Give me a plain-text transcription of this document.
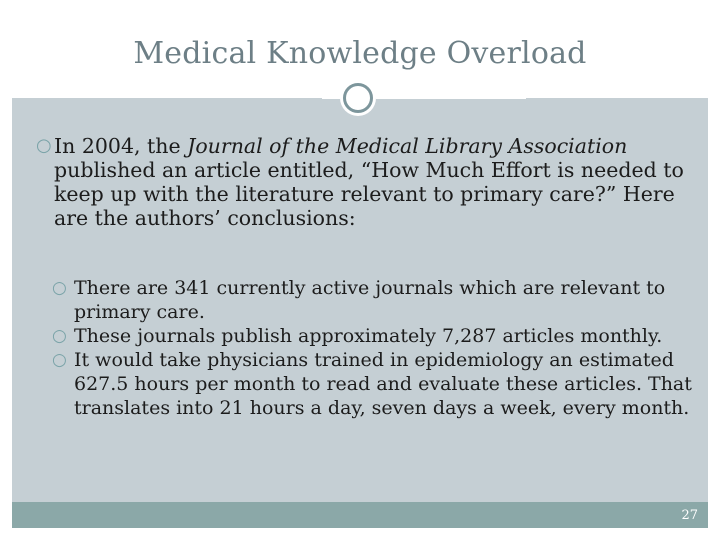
Medical Knowledge Overload
○ In 2004, the Journal of the Medical Library Association published an article entitled, “How Much Effort is needed to keep up with the literature relevant to primary care?” Here are the authors’ conclusions:
○ There are 341 currently active journals which are relevant to primary care.
○ These journals publish approximately 7,287 articles monthly.
○ It would take physicians trained in epidemiology an estimated 627.5 hours per month to read and evaluate these articles. That translates into 21 hours a day, seven days a week, every month.
27
